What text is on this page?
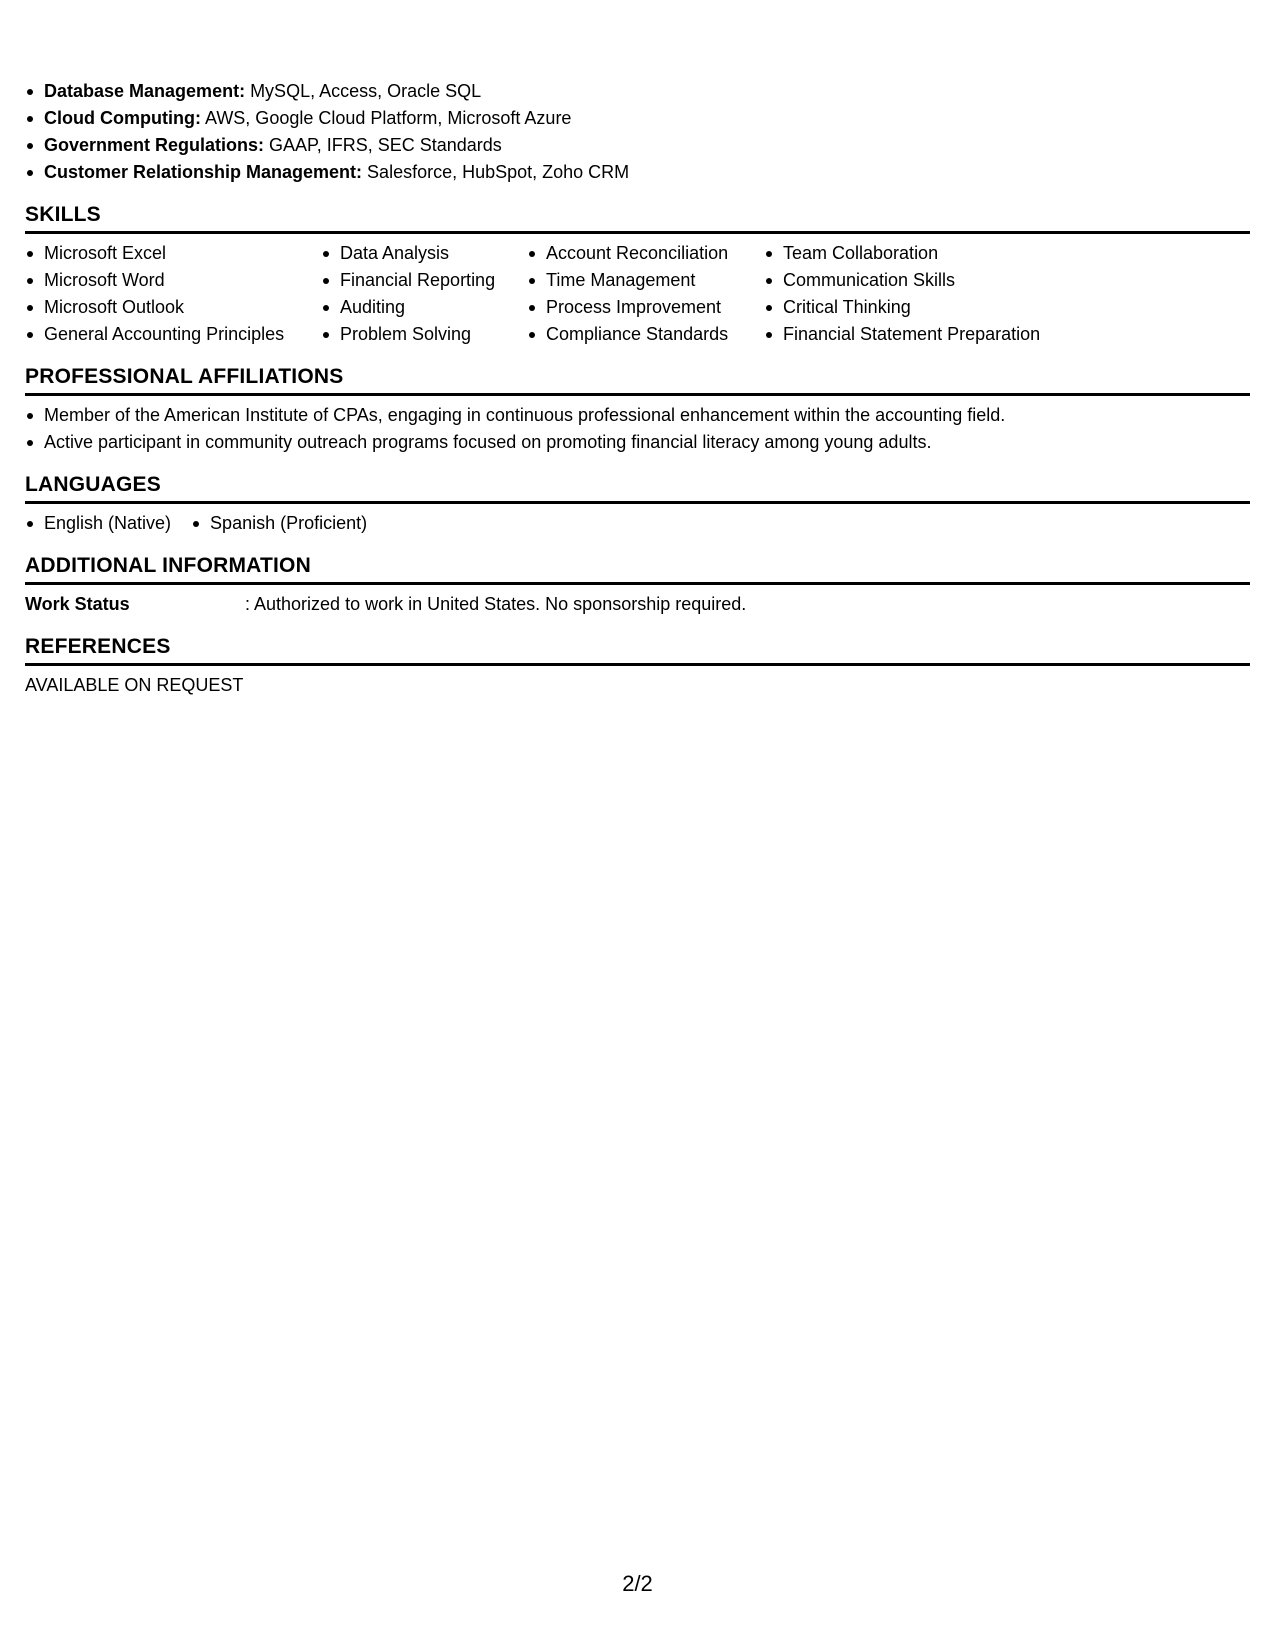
Database Management: MySQL, Access, Oracle SQL
Cloud Computing: AWS, Google Cloud Platform, Microsoft Azure
Government Regulations: GAAP, IFRS, SEC Standards
Customer Relationship Management: Salesforce, HubSpot, Zoho CRM
SKILLS
Microsoft Excel
Microsoft Word
Microsoft Outlook
General Accounting Principles
Data Analysis
Financial Reporting
Auditing
Problem Solving
Account Reconciliation
Time Management
Process Improvement
Compliance Standards
Team Collaboration
Communication Skills
Critical Thinking
Financial Statement Preparation
PROFESSIONAL AFFILIATIONS
Member of the American Institute of CPAs, engaging in continuous professional enhancement within the accounting field.
Active participant in community outreach programs focused on promoting financial literacy among young adults.
LANGUAGES
English (Native)	Spanish (Proficient)
ADDITIONAL INFORMATION
Work Status	: Authorized to work in United States. No sponsorship required.
REFERENCES
AVAILABLE ON REQUEST
2/2
